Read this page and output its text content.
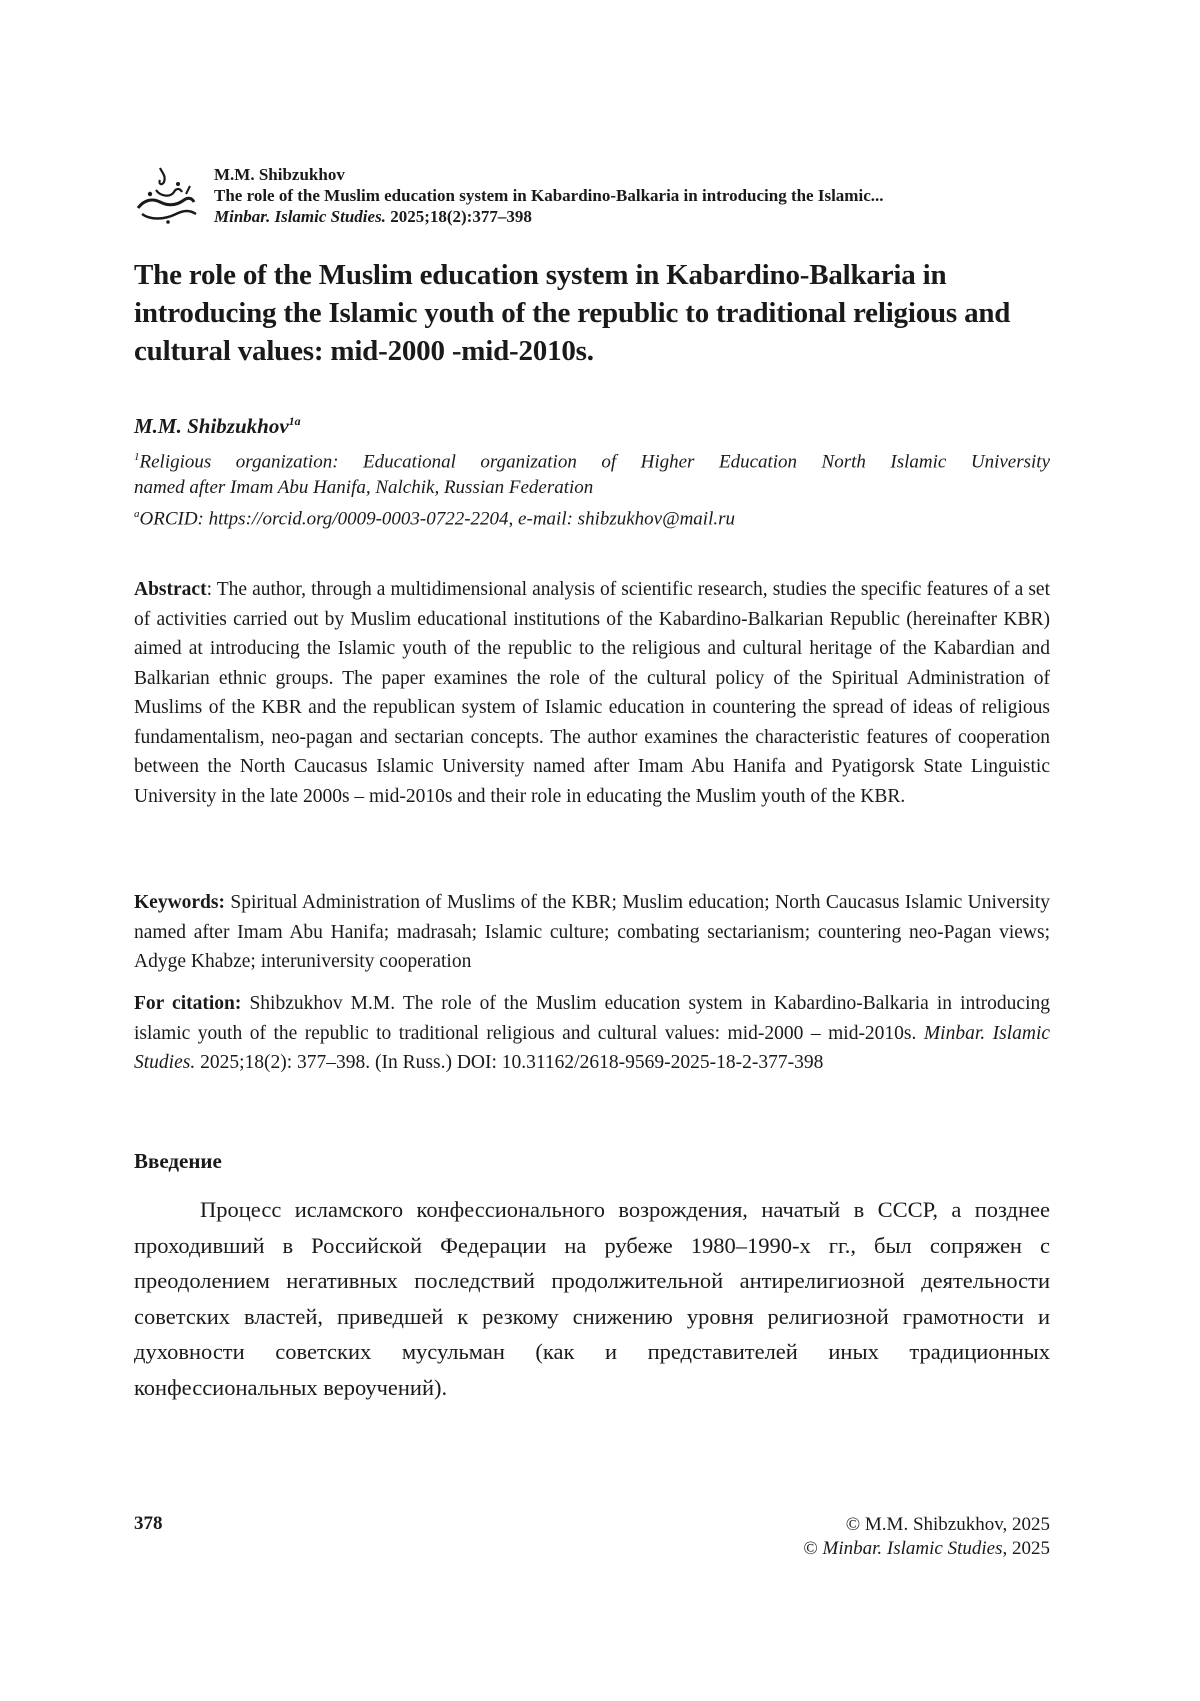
M.M. Shibzukhov
The role of the Muslim education system in Kabardino-Balkaria in introducing the Islamic...
Minbar. Islamic Studies. 2025;18(2):377–398
The role of the Muslim education system in Kabardino-Balkaria in introducing the Islamic youth of the republic to traditional religious and cultural values: mid-2000 -mid-2010s.
M.M. Shibzukhov$^{1a}$

$^1$Religious organization: Educational organization of Higher Education North Islamic University

named after Imam Abu Hanifa, Nalchik, Russian Federation

$^a$ORCID: https://orcid.org/0009-0003-0722-2204, e-mail: shibzukhov@mail.ru

Abstract: The author, through a multidimensional analysis of scientific research, studies the specific features of a set of activities carried out by Muslim educational institutions of the Kabardino-Balkarian Republic (hereinafter KBR) aimed at introducing the Islamic youth of the republic to the religious and cultural heritage of the Kabardian and Balkarian ethnic groups. The paper examines the role of the cultural policy of the Spiritual Administration of Muslims of the KBR and the republican system of Islamic education in countering the spread of ideas of religious fundamentalism, neo-pagan and sectarian concepts. The author examines the characteristic features of cooperation between the North Caucasus Islamic University named after Imam Abu Hanifa and Pyatigorsk State Linguistic University in the late 2000s – mid-2010s and their role in educating the Muslim youth of the KBR.

Keywords: Spiritual Administration of Muslims of the KBR; Muslim education; North Caucasus Islamic University named after Imam Abu Hanifa; madrasah; Islamic culture; combating sectarianism; countering neo-Pagan views; Adyge Khabze; interuniversity cooperation

For citation: Shibzukhov M.M. The role of the Muslim education system in Kabardino-Balkaria in introducing islamic youth of the republic to traditional religious and cultural values: mid-2000 – mid-2010s. Minbar. Islamic Studies. 2025;18(2): 377–398. (In Russ.) DOI: 10.31162/2618-9569-2025-18-2-377-398

Введение

Процесс исламского конфессионального возрождения, начатый в СССР, а позднее проходивший в Российской Федерации на рубеже 1980–1990-х гг., был сопряжен с преодолением негативных последствий продолжительной антирелигиозной деятельности советских властей, приведшей к резкому снижению уровня религиозной грамотности и духовности советских мусульман (как и представителей иных традиционных конфессиональных вероучений).

378	© M.M. Shibzukhov, 2025
© Minbar. Islamic Studies, 2025
